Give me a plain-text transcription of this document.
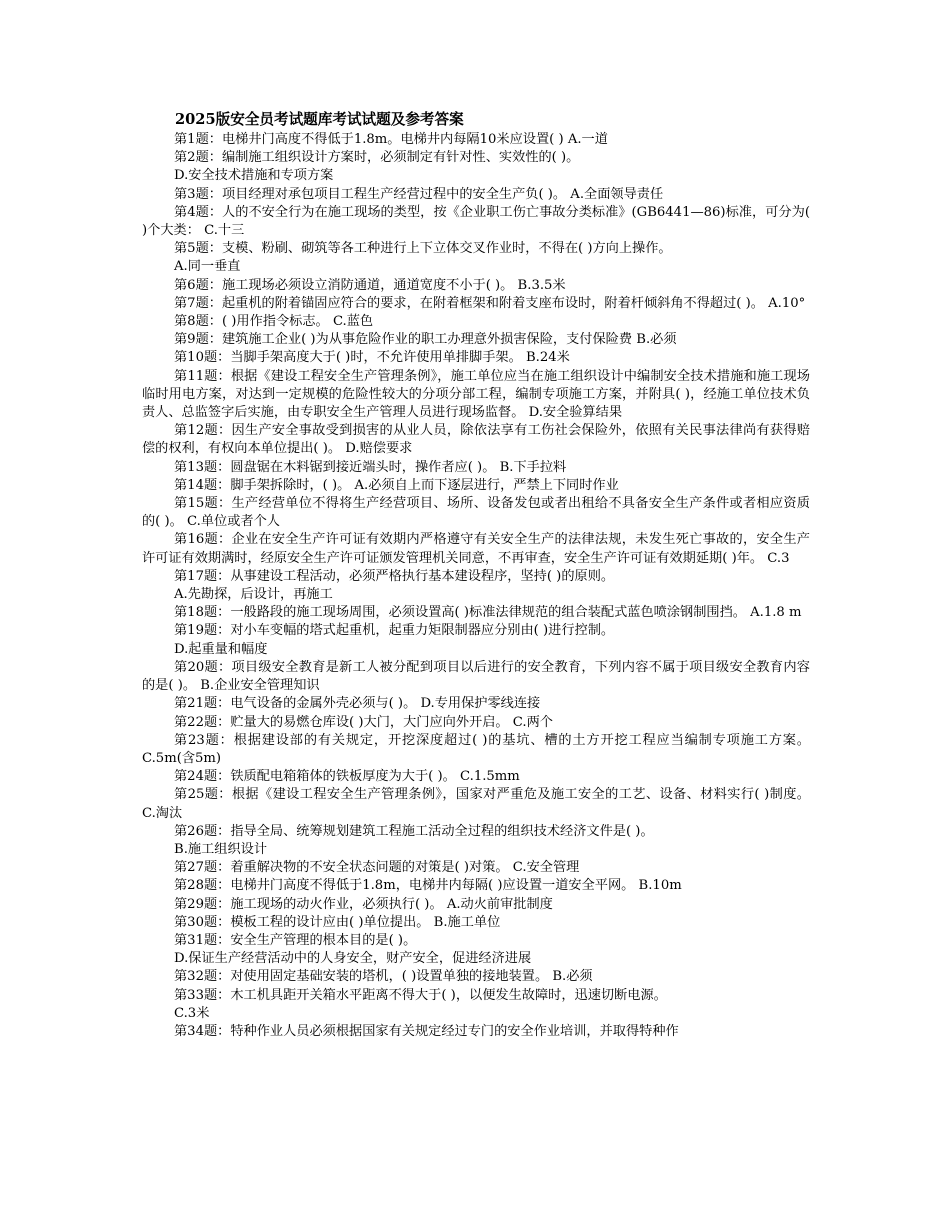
2025版安全员考试题库考试试题及参考答案

第1题：电梯井门高度不得低于1.8m。电梯井内每隔10米应设置( ) A.一道

第2题：编制施工组织设计方案时，必须制定有针对性、实效性的( )。

D.安全技术措施和专项方案

第3题：项目经理对承包项目工程生产经营过程中的安全生产负( )。 A.全面领导责任

第4题：人的不安全行为在施工现场的类型，按《企业职工伤亡事故分类标准》(GB6441—86)标准，可分为( )个大类： C.十三

第5题：支模、粉刷、砌筑等各工种进行上下立体交叉作业时，不得在( )方向上操作。

A.同一垂直

第6题：施工现场必须设立消防通道，通道宽度不小于( )。 B.3.5米

第7题：起重机的附着锚固应符合的要求，在附着框架和附着支座布设时，附着杆倾斜角不得超过( )。 A.10°

第8题：( )用作指令标志。 C.蓝色

第9题：建筑施工企业( )为从事危险作业的职工办理意外损害保险，支付保险费 B.必须

第10题：当脚手架高度大于( )时，不允许使用单排脚手架。 B.24米

第11题：根据《建设工程安全生产管理条例》，施工单位应当在施工组织设计中编制安全技术措施和施工现场临时用电方案，对达到一定规模的危险性较大的分项分部工程，编制专项施工方案，并附具( )，经施工单位技术负责人、总监签字后实施，由专职安全生产管理人员进行现场监督。 D.安全验算结果

第12题：因生产安全事故受到损害的从业人员，除依法享有工伤社会保险外，依照有关民事法律尚有获得赔偿的权利，有权向本单位提出( )。 D.赔偿要求

第13题：圆盘锯在木料锯到接近端头时，操作者应( )。 B.下手拉料

第14题：脚手架拆除时，( )。 A.必须自上而下逐层进行，严禁上下同时作业

第15题：生产经营单位不得将生产经营项目、场所、设备发包或者出租给不具备安全生产条件或者相应资质的( )。 C.单位或者个人

第16题：企业在安全生产许可证有效期内严格遵守有关安全生产的法律法规，未发生死亡事故的，安全生产许可证有效期满时，经原安全生产许可证颁发管理机关同意，不再审查，安全生产许可证有效期延期( )年。 C.3

第17题：从事建设工程活动，必须严格执行基本建设程序，坚持( )的原则。

A.先勘探，后设计，再施工

第18题：一般路段的施工现场周围，必须设置高( )标准法律规范的组合装配式蓝色喷涂钢制围挡。 A.1.8 m

第19题：对小车变幅的塔式起重机，起重力矩限制器应分别由( )进行控制。

D.起重量和幅度

第20题：项目级安全教育是新工人被分配到项目以后进行的安全教育，下列内容不属于项目级安全教育内容的是( )。 B.企业安全管理知识

第21题：电气设备的金属外壳必须与( )。 D.专用保护零线连接

第22题：贮量大的易燃仓库设( )大门，大门应向外开启。 C.两个

第23题：根据建设部的有关规定，开挖深度超过( )的基坑、槽的土方开挖工程应当编制专项施工方案。 C.5m(含5m)

第24题：铁质配电箱箱体的铁板厚度为大于( )。 C.1.5mm

第25题：根据《建设工程安全生产管理条例》，国家对严重危及施工安全的工艺、设备、材料实行( )制度。 C.淘汰

第26题：指导全局、统筹规划建筑工程施工活动全过程的组织技术经济文件是( )。

B.施工组织设计

第27题：着重解决物的不安全状态问题的对策是( )对策。 C.安全管理

第28题：电梯井门高度不得低于1.8m，电梯井内每隔( )应设置一道安全平网。 B.10m

第29题：施工现场的动火作业，必须执行( )。 A.动火前审批制度

第30题：模板工程的设计应由( )单位提出。 B.施工单位

第31题：安全生产管理的根本目的是( )。

D.保证生产经营活动中的人身安全，财产安全，促进经济进展

第32题：对使用固定基础安装的塔机，( )设置单独的接地装置。 B.必须

第33题：木工机具距开关箱水平距离不得大于( )，以便发生故障时，迅速切断电源。

C.3米

第34题：特种作业人员必须根据国家有关规定经过专门的安全作业培训，并取得特种作
